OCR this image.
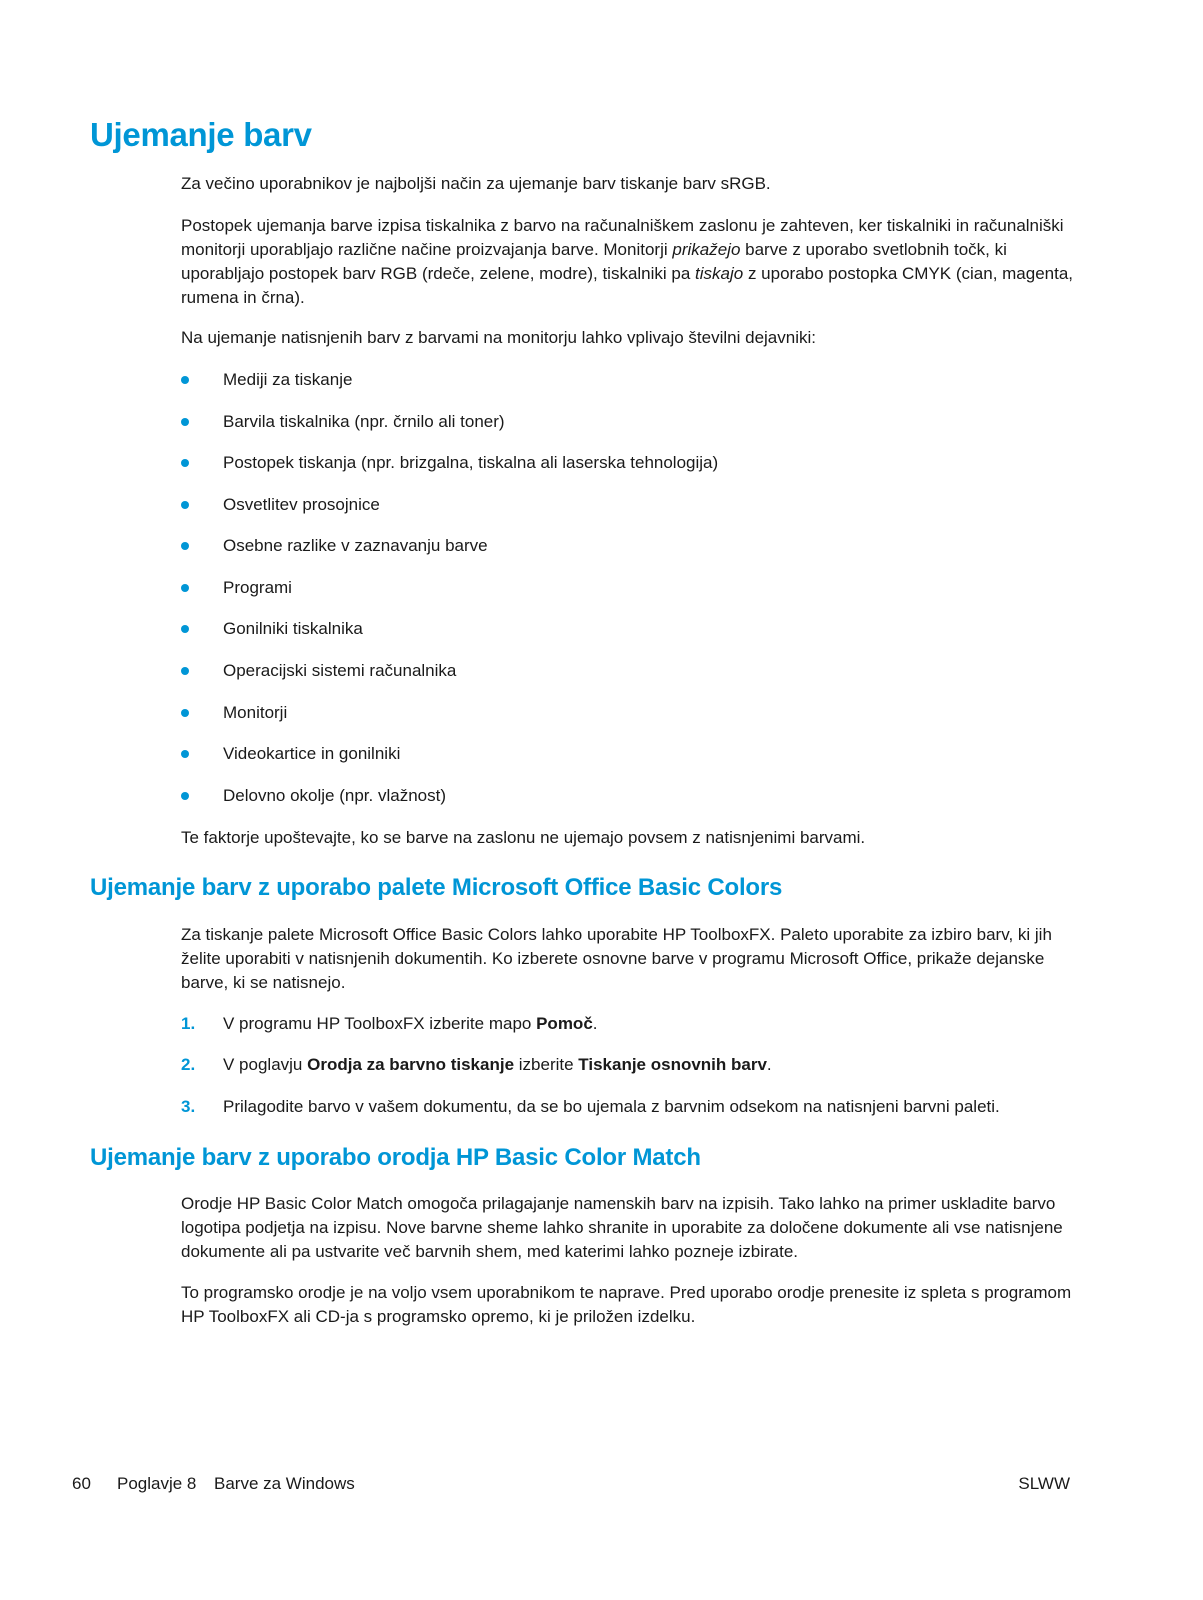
Ujemanje barv

Za večino uporabnikov je najboljši način za ujemanje barv tiskanje barv sRGB.

Postopek ujemanja barve izpisa tiskalnika z barvo na računalniškem zaslonu je zahteven, ker tiskalniki in računalniški monitorji uporabljajo različne načine proizvajanja barve. Monitorji prikažejo barve z uporabo svetlobnih točk, ki uporabljajo postopek barv RGB (rdeče, zelene, modre), tiskalniki pa tiskajo z uporabo postopka CMYK (cian, magenta, rumena in črna).

Na ujemanje natisnjenih barv z barvami na monitorju lahko vplivajo številni dejavniki:

Mediji za tiskanje
Barvila tiskalnika (npr. črnilo ali toner)
Postopek tiskanja (npr. brizgalna, tiskalna ali laserska tehnologija)
Osvetlitev prosojnice
Osebne razlike v zaznavanju barve
Programi
Gonilniki tiskalnika
Operacijski sistemi računalnika
Monitorji
Videokartice in gonilniki
Delovno okolje (npr. vlažnost)

Te faktorje upoštevajte, ko se barve na zaslonu ne ujemajo povsem z natisnjenimi barvami.

Ujemanje barv z uporabo palete Microsoft Office Basic Colors

Za tiskanje palete Microsoft Office Basic Colors lahko uporabite HP ToolboxFX. Paleto uporabite za izbiro barv, ki jih želite uporabiti v natisnjenih dokumentih. Ko izberete osnovne barve v programu Microsoft Office, prikaže dejanske barve, ki se natisnejo.

1. V programu HP ToolboxFX izberite mapo Pomoč.
2. V poglavju Orodja za barvno tiskanje izberite Tiskanje osnovnih barv.
3. Prilagodite barvo v vašem dokumentu, da se bo ujemala z barvnim odsekom na natisnjeni barvni paleti.
Ujemanje barv z uporabo orodja HP Basic Color Match

Orodje HP Basic Color Match omogoča prilagajanje namenskih barv na izpisih. Tako lahko na primer uskladite barvo logotipa podjetja na izpisu. Nove barvne sheme lahko shranite in uporabite za določene dokumente ali vse natisnjene dokumente ali pa ustvarite več barvnih shem, med katerimi lahko pozneje izbirate.

To programsko orodje je na voljo vsem uporabnikom te naprave. Pred uporabo orodje prenesite iz spleta s programom HP ToolboxFX ali CD-ja s programsko opremo, ki je priložen izdelku.

60 Poglavje 8 Barve za Windows	SLWW
